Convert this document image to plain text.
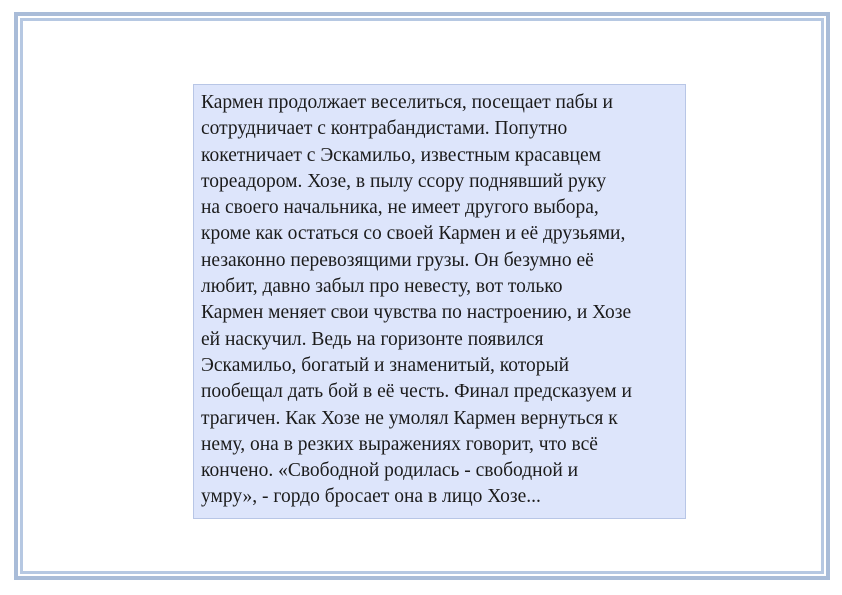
Кармен продолжает веселиться, посещает пабы и
сотрудничает с контрабандистами. Попутно
кокетничает с Эскамильо, известным красавцем
тореадором. Хозе, в пылу ссору поднявший руку
на своего начальника, не имеет другого выбора,
кроме как остаться со своей Кармен и её друзьями,
незаконно перевозящими грузы. Он безумно её
любит, давно забыл про невесту, вот только
Кармен меняет свои чувства по настроению, и Хозе
ей наскучил. Ведь на горизонте появился
Эскамильо, богатый и знаменитый, который
пообещал дать бой в её честь. Финал предсказуем и
трагичен. Как Хозе не умолял Кармен вернуться к
нему, она в резких выражениях говорит, что всё
кончено. «Свободной родилась - свободной и
умру», - гордо бросает она в лицо Хозе...
